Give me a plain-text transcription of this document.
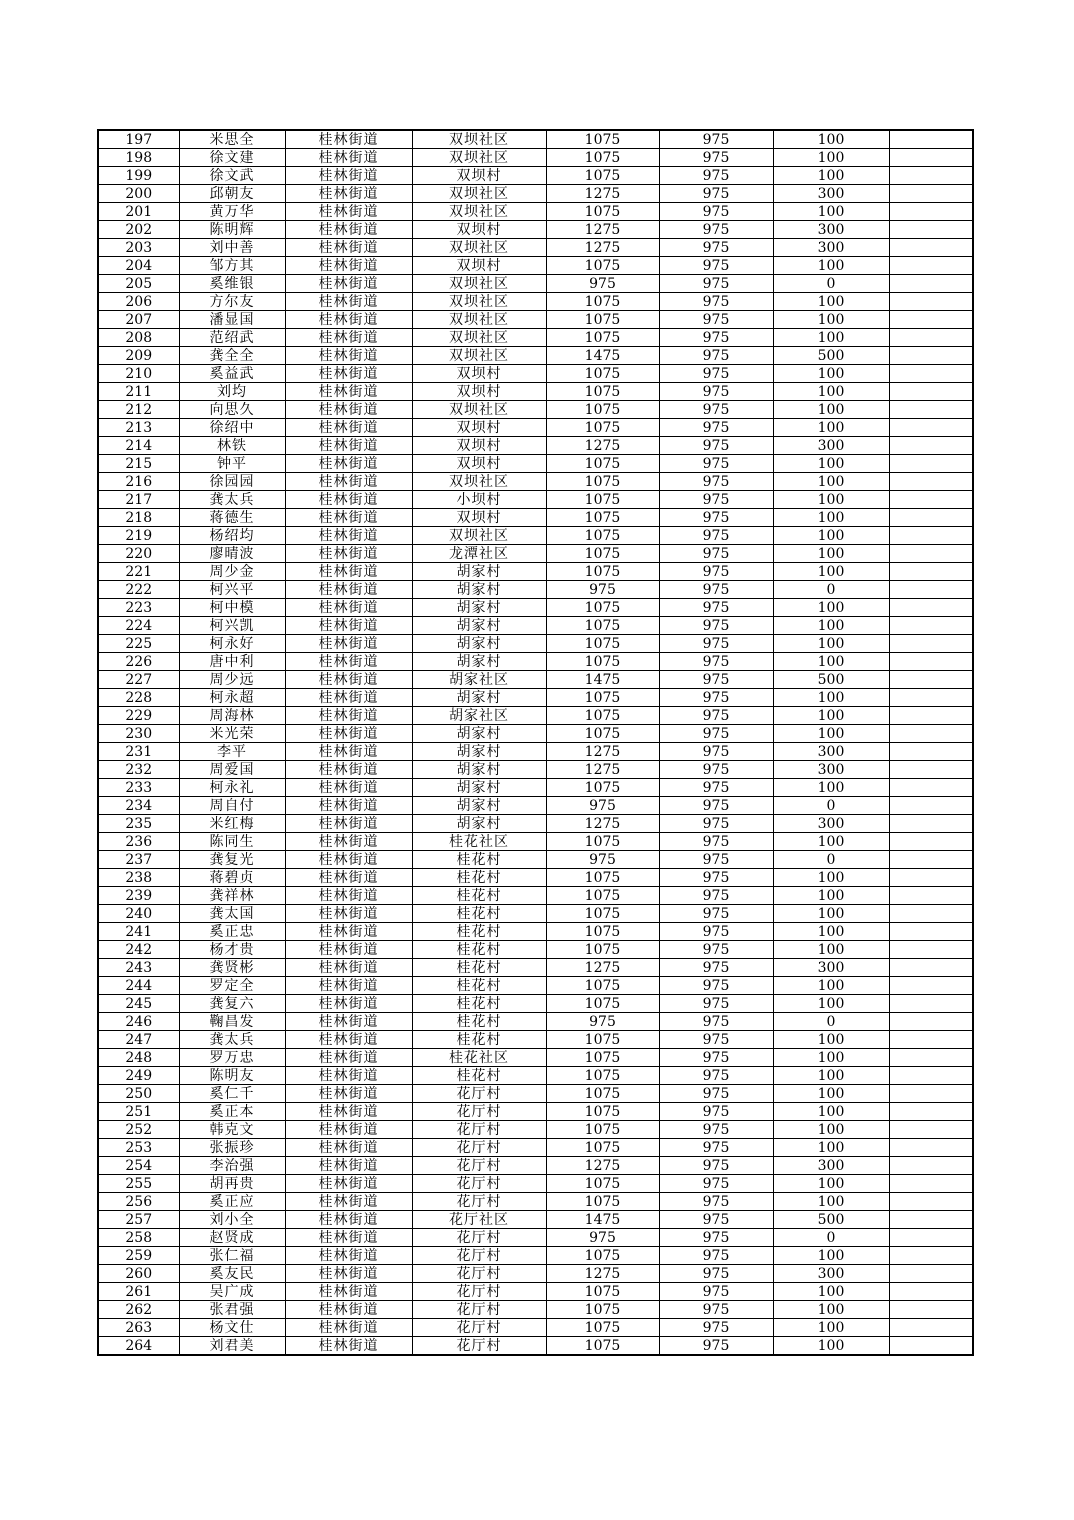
197	米思全	桂林街道	双坝社区	1075	975	100	
198	徐文建	桂林街道	双坝社区	1075	975	100	
199	徐文武	桂林街道	双坝村	1075	975	100	
200	邱朝友	桂林街道	双坝社区	1275	975	300	
201	黄万华	桂林街道	双坝社区	1075	975	100	
202	陈明辉	桂林街道	双坝村	1275	975	300	
203	刘中善	桂林街道	双坝社区	1275	975	300	
204	邹方其	桂林街道	双坝村	1075	975	100	
205	奚维银	桂林街道	双坝社区	975	975	0	
206	方尔友	桂林街道	双坝社区	1075	975	100	
207	潘显国	桂林街道	双坝社区	1075	975	100	
208	范绍武	桂林街道	双坝社区	1075	975	100	
209	龚全全	桂林街道	双坝社区	1475	975	500	
210	奚益武	桂林街道	双坝村	1075	975	100	
211	刘均	桂林街道	双坝村	1075	975	100	
212	向思久	桂林街道	双坝社区	1075	975	100	
213	徐绍中	桂林街道	双坝村	1075	975	100	
214	林铁	桂林街道	双坝村	1275	975	300	
215	钟平	桂林街道	双坝村	1075	975	100	
216	徐园园	桂林街道	双坝社区	1075	975	100	
217	龚太兵	桂林街道	小坝村	1075	975	100	
218	蒋德生	桂林街道	双坝村	1075	975	100	
219	杨绍均	桂林街道	双坝社区	1075	975	100	
220	廖晴波	桂林街道	龙潭社区	1075	975	100	
221	周少金	桂林街道	胡家村	1075	975	100	
222	柯兴平	桂林街道	胡家村	975	975	0	
223	柯中模	桂林街道	胡家村	1075	975	100	
224	柯兴凯	桂林街道	胡家村	1075	975	100	
225	柯永好	桂林街道	胡家村	1075	975	100	
226	唐中利	桂林街道	胡家村	1075	975	100	
227	周少远	桂林街道	胡家社区	1475	975	500	
228	柯永超	桂林街道	胡家村	1075	975	100	
229	周海林	桂林街道	胡家社区	1075	975	100	
230	米光荣	桂林街道	胡家村	1075	975	100	
231	李平	桂林街道	胡家村	1275	975	300	
232	周爱国	桂林街道	胡家村	1275	975	300	
233	柯永礼	桂林街道	胡家村	1075	975	100	
234	周自付	桂林街道	胡家村	975	975	0	
235	米红梅	桂林街道	胡家村	1275	975	300	
236	陈同生	桂林街道	桂花社区	1075	975	100	
237	龚复光	桂林街道	桂花村	975	975	0	
238	蒋碧贞	桂林街道	桂花村	1075	975	100	
239	龚祥林	桂林街道	桂花村	1075	975	100	
240	龚太国	桂林街道	桂花村	1075	975	100	
241	奚正忠	桂林街道	桂花村	1075	975	100	
242	杨才贵	桂林街道	桂花村	1075	975	100	
243	龚贤彬	桂林街道	桂花村	1275	975	300	
244	罗定全	桂林街道	桂花村	1075	975	100	
245	龚复六	桂林街道	桂花村	1075	975	100	
246	鞠昌发	桂林街道	桂花村	975	975	0	
247	龚太兵	桂林街道	桂花村	1075	975	100	
248	罗万忠	桂林街道	桂花社区	1075	975	100	
249	陈明友	桂林街道	桂花村	1075	975	100	
250	奚仁千	桂林街道	花厅村	1075	975	100	
251	奚正本	桂林街道	花厅村	1075	975	100	
252	韩克文	桂林街道	花厅村	1075	975	100	
253	张振珍	桂林街道	花厅村	1075	975	100	
254	李治强	桂林街道	花厅村	1275	975	300	
255	胡再贵	桂林街道	花厅村	1075	975	100	
256	奚正应	桂林街道	花厅村	1075	975	100	
257	刘小全	桂林街道	花厅社区	1475	975	500	
258	赵贤成	桂林街道	花厅村	975	975	0	
259	张仁福	桂林街道	花厅村	1075	975	100	
260	奚友民	桂林街道	花厅村	1275	975	300	
261	吴广成	桂林街道	花厅村	1075	975	100	
262	张君强	桂林街道	花厅村	1075	975	100	
263	杨文仕	桂林街道	花厅村	1075	975	100	
264	刘君美	桂林街道	花厅村	1075	975	100	
